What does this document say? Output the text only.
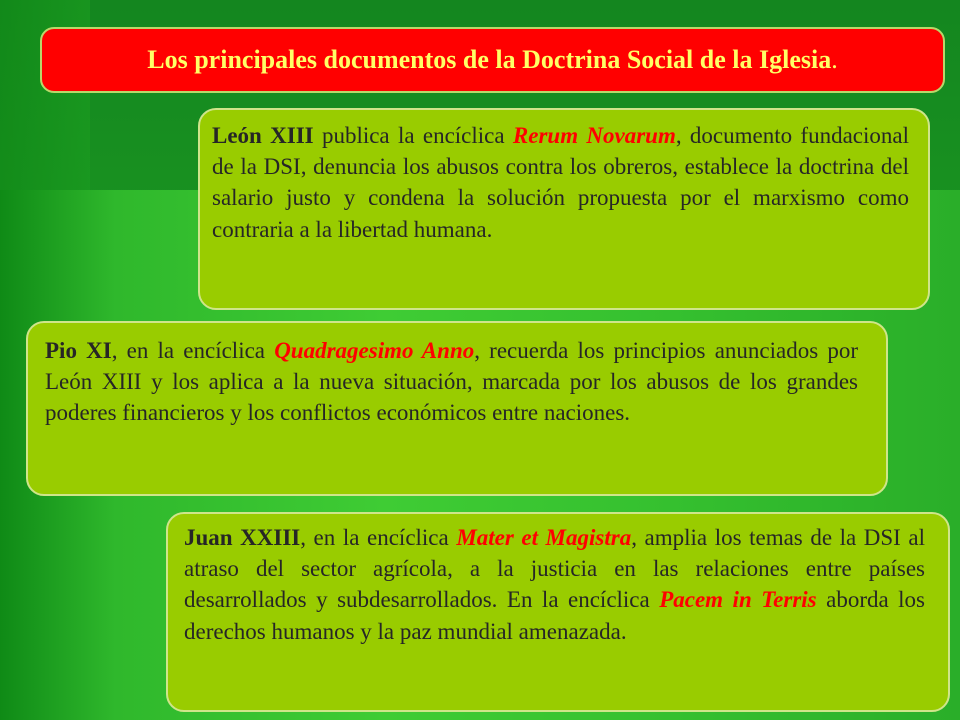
Los principales documentos de la Doctrina Social de la Iglesia.
León XIII publica la encíclica Rerum Novarum, documento fundacional de la DSI, denuncia los abusos contra los obreros, establece la doctrina del salario justo y condena la solución propuesta por el marxismo como contraria a la libertad humana.
Pio XI, en la encíclica Quadragesimo Anno, recuerda los principios anunciados por León XIII y los aplica a la nueva situación, marcada por los abusos de los grandes poderes financieros y los conflictos económicos entre naciones.
Juan XXIII, en la encíclica Mater et Magistra, amplia los temas de la DSI al atraso del sector agrícola, a la justicia en las relaciones entre países desarrollados y subdesarrollados. En la encíclica Pacem in Terris aborda los derechos humanos y la paz mundial amenazada.
